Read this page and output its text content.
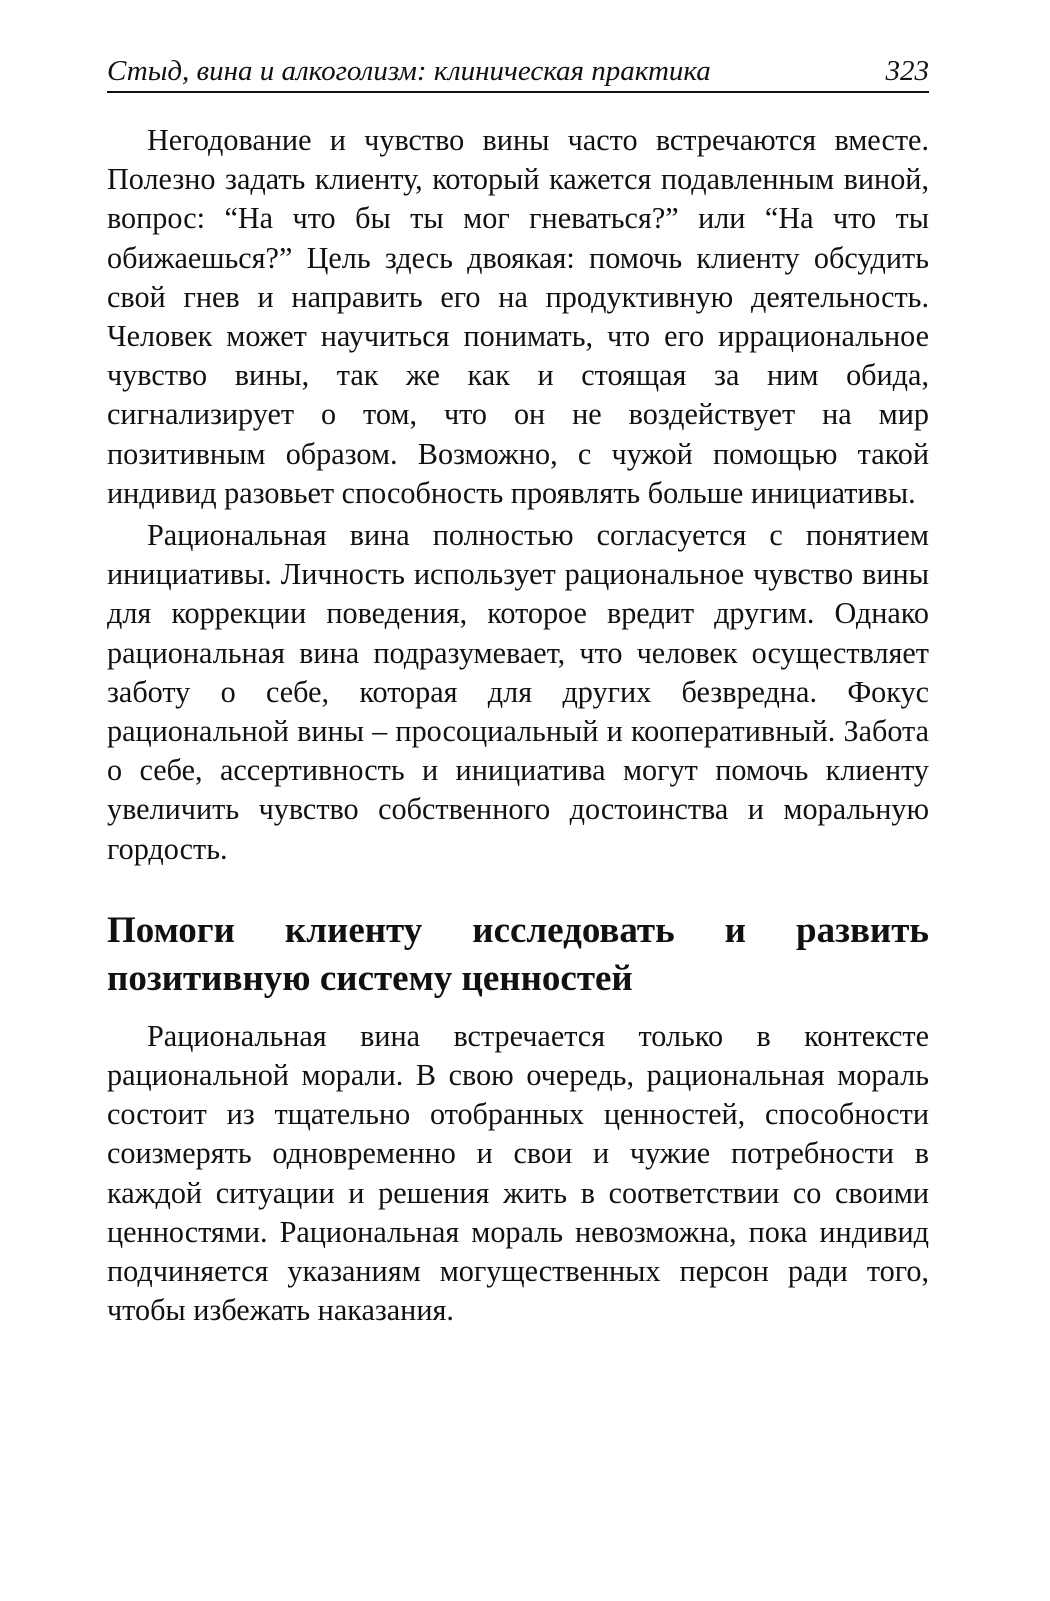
Стыд, вина и алкоголизм: клиническая практика	323

Негодование и чувство вины часто встречаются вместе. Полезно задать клиенту, который кажется подавленным виной, вопрос: “На что бы ты мог гневаться?” или “На что ты обижаешься?” Цель здесь двоякая: помочь клиенту обсудить свой гнев и направить его на продуктивную деятельность. Человек может научиться понимать, что его иррациональное чувство вины, так же как и стоящая за ним обида, сигнализирует о том, что он не воздействует на мир позитивным образом. Возможно, с чужой помощью такой индивид разовьет способность проявлять больше инициативы.

Рациональная вина полностью согласуется с понятием инициативы. Личность использует рациональное чувство вины для коррекции поведения, которое вредит другим. Однако рациональная вина подразумевает, что человек осуществляет заботу о себе, которая для других безвредна. Фокус рациональной вины – просоциальный и кооперативный. Забота о себе, ассертивность и инициатива могут помочь клиенту увеличить чувство собственного достоинства и моральную гордость.

Помоги клиенту исследовать и развить позитивную систему ценностей

Рациональная вина встречается только в контексте рациональной морали. В свою очередь, рациональная мораль состоит из тщательно отобранных ценностей, способности соизмерять одновременно и свои и чужие потребности в каждой ситуации и решения жить в соответствии со своими ценностями. Рациональная мораль невозможна, пока индивид подчиняется указаниям могущественных персон ради того, чтобы избежать наказания.
